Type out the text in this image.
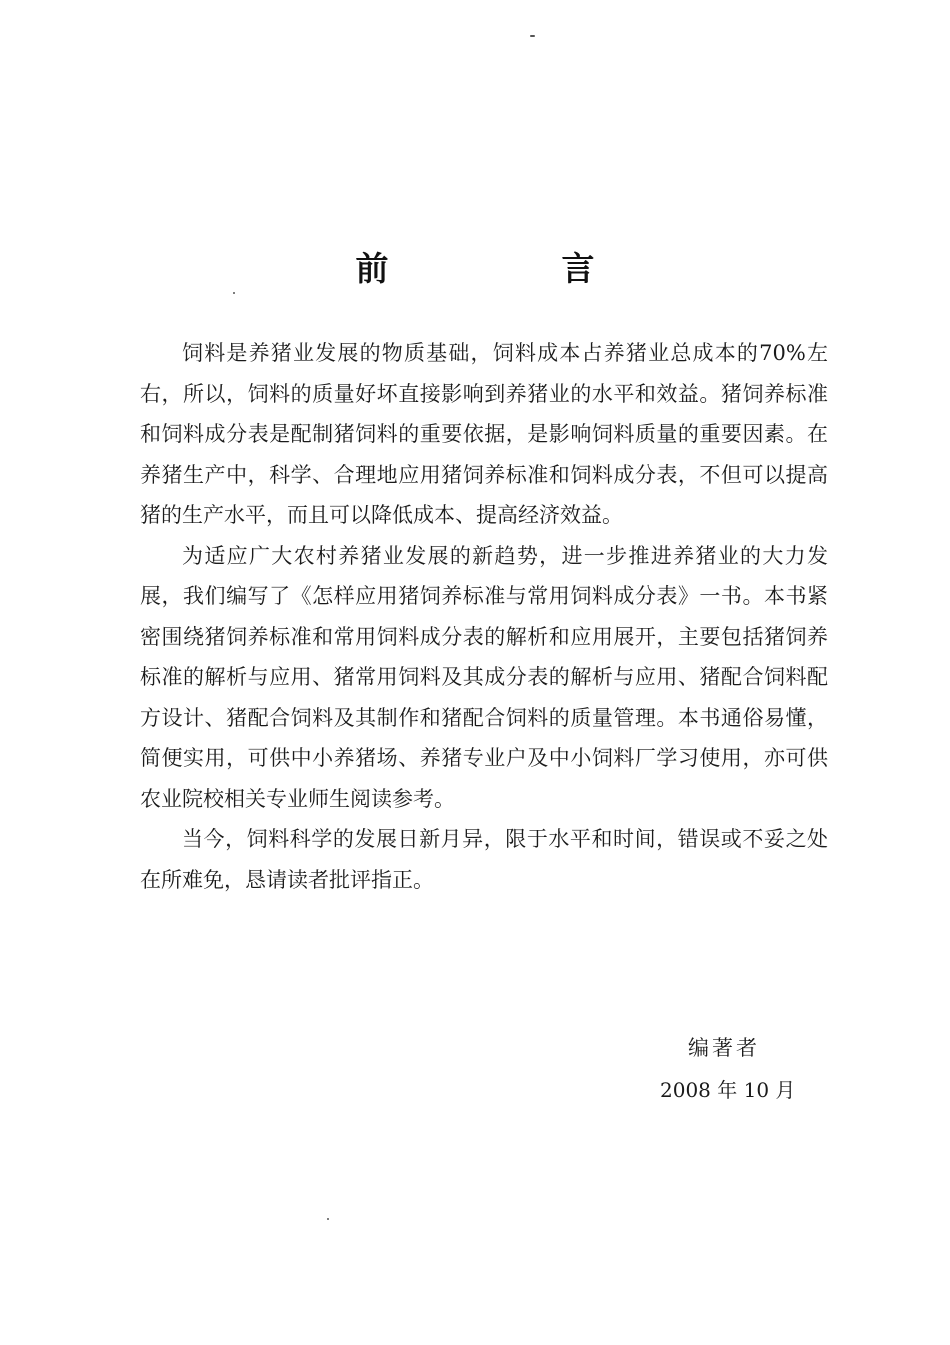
前　言

饲料是养猪业发展的物质基础，饲料成本占养猪业总成本的70%左右，所以，饲料的质量好坏直接影响到养猪业的水平和效益。猪饲养标准和饲料成分表是配制猪饲料的重要依据，是影响饲料质量的重要因素。在养猪生产中，科学、合理地应用猪饲养标准和饲料成分表，不但可以提高猪的生产水平，而且可以降低成本、提高经济效益。

为适应广大农村养猪业发展的新趋势，进一步推进养猪业的大力发展，我们编写了《怎样应用猪饲养标准与常用饲料成分表》一书。本书紧密围绕猪饲养标准和常用饲料成分表的解析和应用展开，主要包括猪饲养标准的解析与应用、猪常用饲料及其成分表的解析与应用、猪配合饲料配方设计、猪配合饲料及其制作和猪配合饲料的质量管理。本书通俗易懂，简便实用，可供中小养猪场、养猪专业户及中小饲料厂学习使用，亦可供农业院校相关专业师生阅读参考。

当今，饲料科学的发展日新月异，限于水平和时间，错误或不妥之处在所难免，恳请读者批评指正。

编著者
2008 年 10 月
